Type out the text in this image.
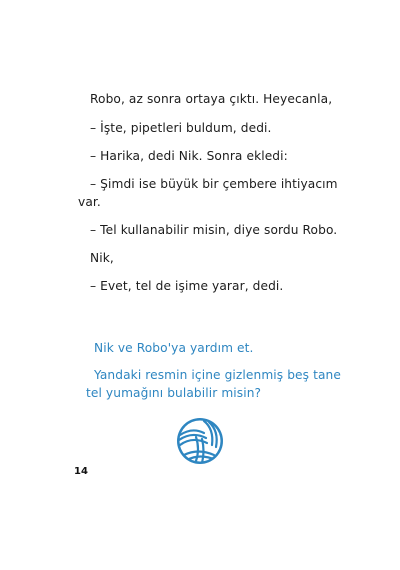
Robo, az sonra ortaya çıktı. Heyecanla,
– İşte, pipetleri buldum, dedi.
– Harika, dedi Nik. Sonra ekledi:
– Şimdi ise büyük bir çembere ihtiyacım
var.
– Tel kullanabilir misin, diye sordu Robo.
Nik,
– Evet, tel de işime yarar, dedi.
Nik ve Robo'ya yardım et.
Yandaki resmin içine gizlenmiş beş tane
tel yumağını bulabilir misin?
14
